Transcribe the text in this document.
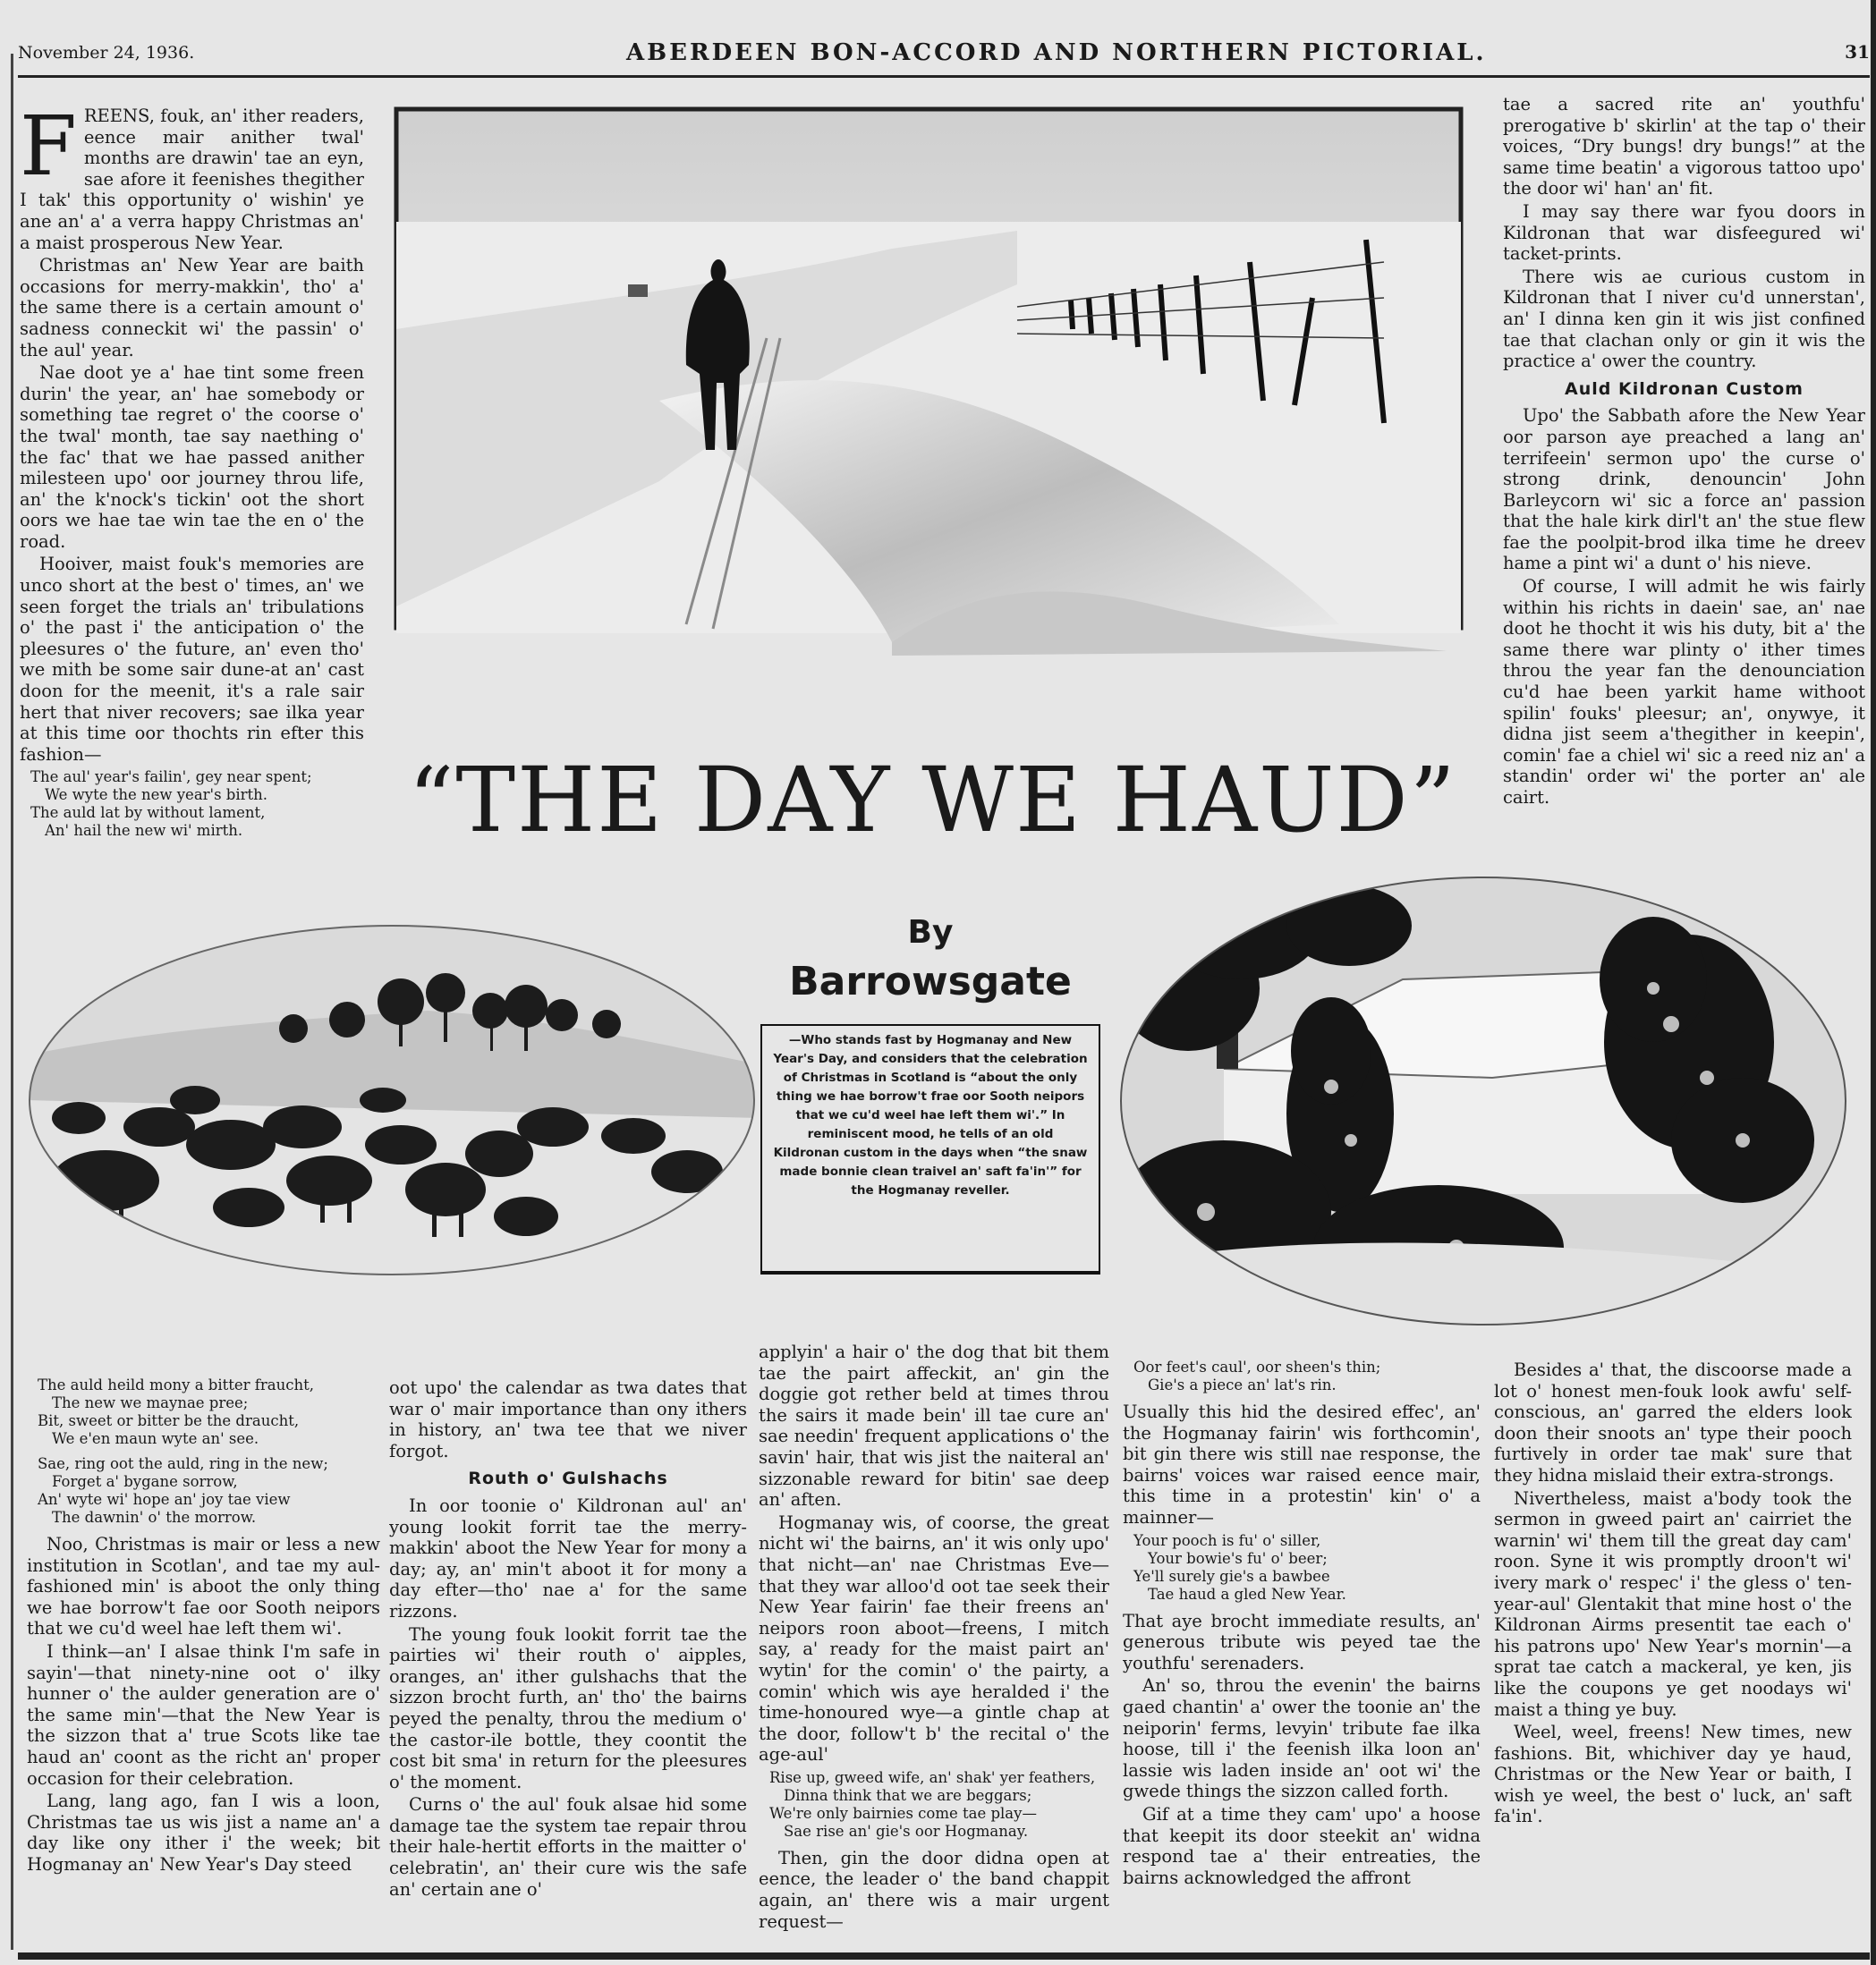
November 24, 1936.	ABERDEEN BON-ACCORD AND NORTHERN PICTORIAL.	31

FREENS, fouk, an' ither readers, eence mair anither twal' months are drawin' tae an eyn, sae afore it feenishes thegither I tak' this opportunity o' wishin' ye ane an' a' a verra happy Christmas an' a maist prosperous New Year.

Christmas an' New Year are baith occasions for merry-makkin', tho' a' the same there is a certain amount o' sadness conneckit wi' the passin' o' the aul' year.

Nae doot ye a' hae tint some freen durin' the year, an' hae somebody or something tae regret o' the coorse o' the twal' month, tae say naething o' the fac' that we hae passed anither milesteen upo' oor journey throu life, an' the k'nock's tickin' oot the short oors we hae tae win tae the en o' the road.

Hooiver, maist fouk's memories are unco short at the best o' times, an' we seen forget the trials an' tribulations o' the past i' the anticipation o' the pleesures o' the future, an' even tho' we mith be some sair dune-at an' cast doon for the meenit, it's a rale sair hert that niver recovers; sae ilka year at this time oor thochts rin efter this fashion—

The aul' year's failin', gey near spent;
We wyte the new year's birth.
The auld lat by without lament,
An' hail the new wi' mirth.

tae a sacred rite an' youthfu' prerogative b' skirlin' at the tap o' their voices, “Dry bungs! dry bungs!” at the same time beatin' a vigorous tattoo upo' the door wi' han' an' fit.

I may say there war fyou doors in Kildronan that war disfeegured wi' tacket-prints.

There wis ae curious custom in Kildronan that I niver cu'd unnerstan', an' I dinna ken gin it wis jist confined tae that clachan only or gin it wis the practice a' ower the country.

Auld Kildronan Custom

Upo' the Sabbath afore the New Year oor parson aye preached a lang an' terrifeein' sermon upo' the curse o' strong drink, denouncin' John Barleycorn wi' sic a force an' passion that the hale kirk dirl't an' the stue flew fae the poolpit-brod ilka time he dreev hame a pint wi' a dunt o' his nieve.

Of course, I will admit he wis fairly within his richts in daein' sae, an' nae doot he thocht it wis his duty, bit a' the same there war plinty o' ither times throu the year fan the denounciation cu'd hae been yarkit hame withoot spilin' fouks' pleesur; an', onywye, it didna jist seem a'thegither in keepin', comin' fae a chiel wi' sic a reed niz an' a standin' order wi' the porter an' ale cairt.

“THE DAY WE HAUD”
By
Barrowsgate
—Who stands fast by Hogmanay and New Year's Day, and considers that the celebration of Christmas in Scotland is “about the only thing we hae borrow't frae oor Sooth neipors that we cu'd weel hae left them wi'.” In reminiscent mood, he tells of an old Kildronan custom in the days when “the snaw made bonnie clean traivel an' saft fa'in'” for the Hogmanay reveller.
The auld heild mony a bitter fraucht,
The new we maynae pree;
Bit, sweet or bitter be the draucht,
We e'en maun wyte an' see.
Sae, ring oot the auld, ring in the new;
Forget a' bygane sorrow,
An' wyte wi' hope an' joy tae view
The dawnin' o' the morrow.

Noo, Christmas is mair or less a new institution in Scotlan', and tae my aul-fashioned min' is aboot the only thing we hae borrow't fae oor Sooth neipors that we cu'd weel hae left them wi'.

I think—an' I alsae think I'm safe in sayin'—that ninety-nine oot o' ilky hunner o' the aulder generation are o' the same min'—that the New Year is the sizzon that a' true Scots like tae haud an' coont as the richt an' proper occasion for their celebration.

Lang, lang ago, fan I wis a loon, Christmas tae us wis jist a name an' a day like ony ither i' the week; bit Hogmanay an' New Year's Day steed

oot upo' the calendar as twa dates that war o' mair importance than ony ithers in history, an' twa tee that we niver forgot.

Routh o' Gulshachs

In oor toonie o' Kildronan aul' an' young lookit forrit tae the merry-makkin' aboot the New Year for mony a day; ay, an' min't aboot it for mony a day efter—tho' nae a' for the same rizzons.

The young fouk lookit forrit tae the pairties wi' their routh o' aipples, oranges, an' ither gulshachs that the sizzon brocht furth, an' tho' the bairns peyed the penalty, throu the medium o' the castor-ile bottle, they coontit the cost bit sma' in return for the pleesures o' the moment.

Curns o' the aul' fouk alsae hid some damage tae the system tae repair throu their hale-hertit efforts in the maitter o' celebratin', an' their cure wis the safe an' certain ane o'

applyin' a hair o' the dog that bit them tae the pairt affeckit, an' gin the doggie got rether beld at times throu the sairs it made bein' ill tae cure an' sae needin' frequent applications o' the savin' hair, that wis jist the naiteral an' sizzonable reward for bitin' sae deep an' aften.

Hogmanay wis, of coorse, the great nicht wi' the bairns, an' it wis only upo' that nicht—an' nae Christmas Eve—that they war alloo'd oot tae seek their New Year fairin' fae their freens an' neipors roon aboot—freens, I mitch say, a' ready for the maist pairt an' wytin' for the comin' o' the pairty, a comin' which wis aye heralded i' the time-honoured wye—a gintle chap at the door, follow't b' the recital o' the age-aul'

Rise up, gweed wife, an' shak' yer feathers,
Dinna think that we are beggars;
We're only bairnies come tae play—
Sae rise an' gie's oor Hogmanay.

Then, gin the door didna open at eence, the leader o' the band chappit again, an' there wis a mair urgent request—

Oor feet's caul', oor sheen's thin;
Gie's a piece an' lat's rin.

Usually this hid the desired effec', an' the Hogmanay fairin' wis forthcomin', bit gin there wis still nae response, the bairns' voices war raised eence mair, this time in a protestin' kin' o' a mainner—

Your pooch is fu' o' siller,
Your bowie's fu' o' beer;
Ye'll surely gie's a bawbee
Tae haud a gled New Year.

That aye brocht immediate results, an' generous tribute wis peyed tae the youthfu' serenaders.

An' so, throu the evenin' the bairns gaed chantin' a' ower the toonie an' the neiporin' ferms, levyin' tribute fae ilka hoose, till i' the feenish ilka loon an' lassie wis laden inside an' oot wi' the gwede things the sizzon called forth.

Gif at a time they cam' upo' a hoose that keepit its door steekit an' widna respond tae a' their entreaties, the bairns acknowledged the affront

Besides a' that, the discoorse made a lot o' honest men-fouk look awfu' self-conscious, an' garred the elders look doon their snoots an' type their pooch furtively in order tae mak' sure that they hidna mislaid their extra-strongs.

Nivertheless, maist a'body took the sermon in gweed pairt an' cairriet the warnin' wi' them till the great day cam' roon. Syne it wis promptly droon't wi' ivery mark o' respec' i' the gless o' ten-year-aul' Glentakit that mine host o' the Kildronan Airms presentit tae each o' his patrons upo' New Year's mornin'—a sprat tae catch a mackeral, ye ken, jis like the coupons ye get noodays wi' maist a thing ye buy.

Weel, weel, freens! New times, new fashions. Bit, whichiver day ye haud, Christmas or the New Year or baith, I wish ye weel, the best o' luck, an' saft fa'in'.
